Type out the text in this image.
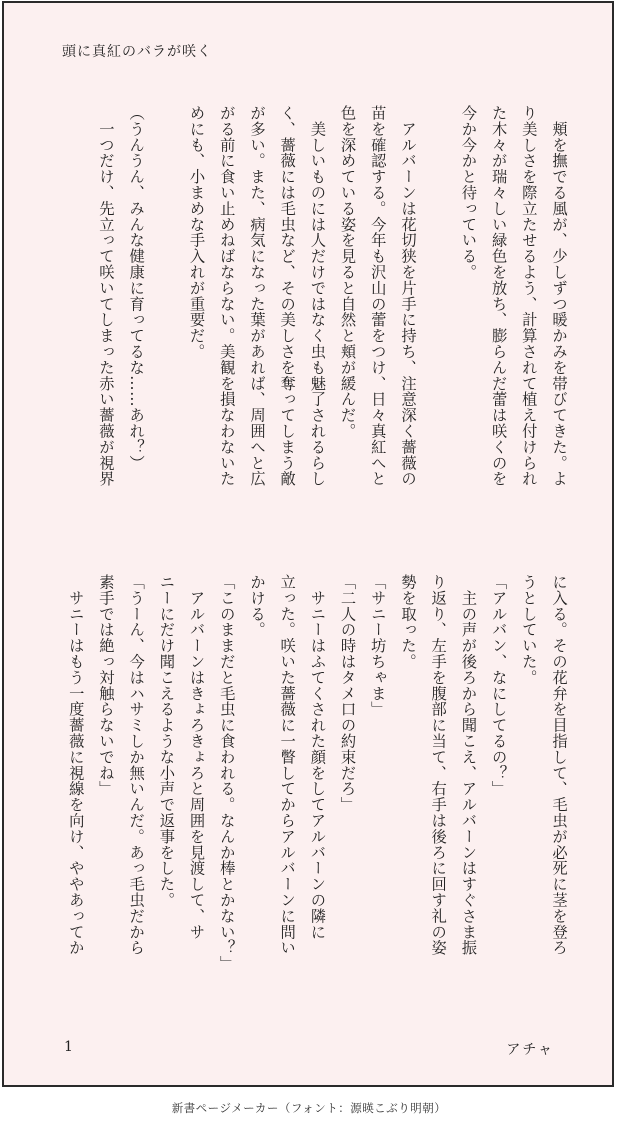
頭に真紅のバラが咲く
　頬を撫でる風が、少しずつ暖かみを帯びてきた。よ
り美しさを際立たせるよう、計算されて植え付けられ
た木々が瑞々しい緑色を放ち、膨らんだ蕾は咲くのを
今か今かと待っている。

　アルバーンは花切狭を片手に持ち、注意深く薔薇の
苗を確認する。今年も沢山の蕾をつけ、日々真紅へと
色を深めている姿を見ると自然と頬が緩んだ。
　美しいものには人だけではなく虫も魅了されるらし
く、薔薇には毛虫など、その美しさを奪ってしまう敵
が多い。また、病気になった葉があれば、周囲へと広
がる前に食い止めねばならない。美観を損なわないた
めにも、小まめな手入れが重要だ。

（うんうん、みんな健康に育ってるな……あれ？）
　一つだけ、先立って咲いてしまった赤い薔薇が視界
に入る。その花弁を目指して、毛虫が必死に茎を登ろ
うとしていた。
「アルバン、なにしてるの？」
　主の声が後ろから聞こえ、アルバーンはすぐさま振
り返り、左手を腹部に当て、右手は後ろに回す礼の姿
勢を取った。
「サニー坊ちゃま」
「二人の時はタメ口の約束だろ」
　サニーはふてくされた顔をしてアルバーンの隣に
立った。咲いた薔薇に一瞥してからアルバーンに問い
かける。
「このままだと毛虫に食われる。なんか棒とかない？」
　アルバーンはきょろきょろと周囲を見渡して、サ
ニーにだけ聞こえるような小声で返事をした。
「うーん、今はハサミしか無いんだ。あっ毛虫だから
素手では絶っ対触らないでね」
　サニーはもう一度薔薇に視線を向け、ややあってか
1	アチャ
新書ページメーカー（フォント：源暎こぶり明朝）
